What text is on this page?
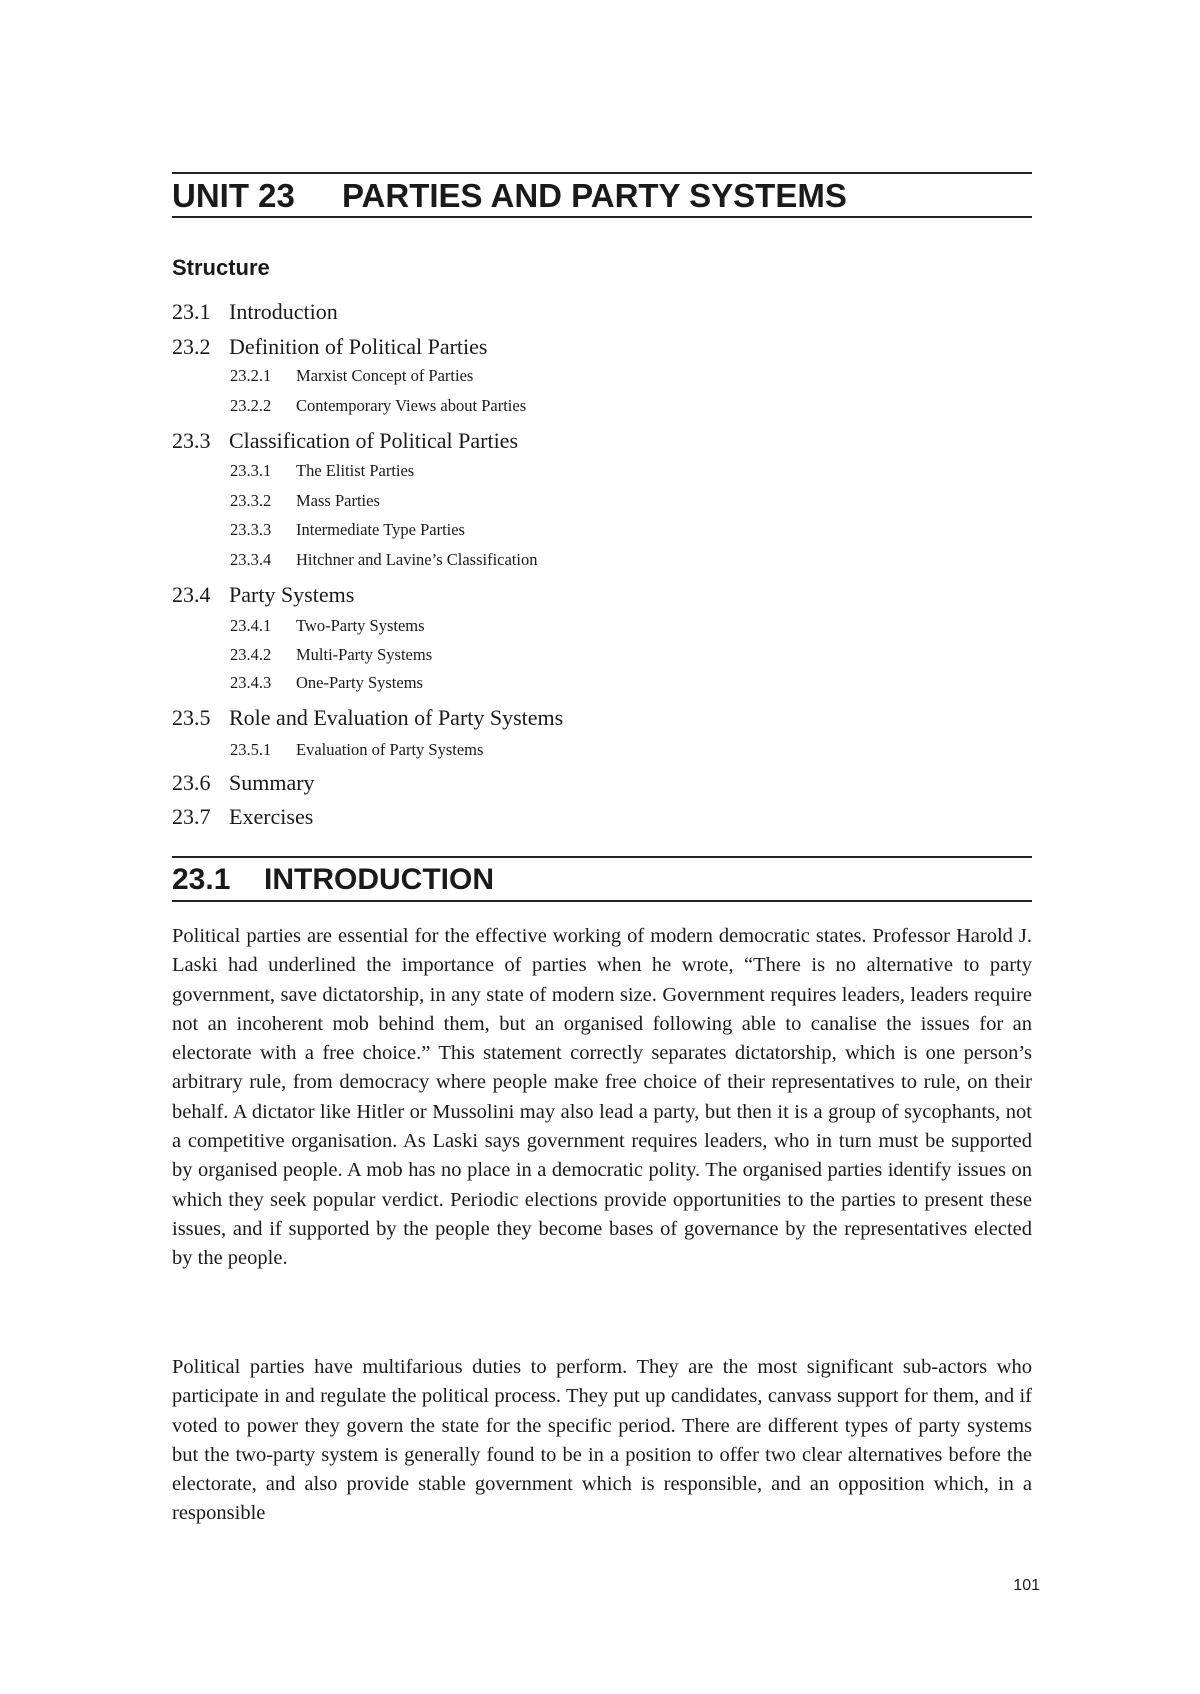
UNIT 23 PARTIES AND PARTY SYSTEMS
Structure
23.1 Introduction
23.2 Definition of Political Parties
23.2.1 Marxist Concept of Parties
23.2.2 Contemporary Views about Parties
23.3 Classification of Political Parties
23.3.1 The Elitist Parties
23.3.2 Mass Parties
23.3.3 Intermediate Type Parties
23.3.4 Hitchner and Lavine’s Classification
23.4 Party Systems
23.4.1 Two-Party Systems
23.4.2 Multi-Party Systems
23.4.3 One-Party Systems
23.5 Role and Evaluation of Party Systems
23.5.1 Evaluation of Party Systems
23.6 Summary
23.7 Exercises
23.1 INTRODUCTION

Political parties are essential for the effective working of modern democratic states. Professor Harold J. Laski had underlined the importance of parties when he wrote, “There is no alternative to party government, save dictatorship, in any state of modern size. Government requires leaders, leaders require not an incoherent mob behind them, but an organised following able to canalise the issues for an electorate with a free choice.” This statement correctly separates dictatorship, which is one person’s arbitrary rule, from democracy where people make free choice of their representatives to rule, on their behalf. A dictator like Hitler or Mussolini may also lead a party, but then it is a group of sycophants, not a competitive organisation. As Laski says government requires leaders, who in turn must be supported by organised people. A mob has no place in a democratic polity. The organised parties identify issues on which they seek popular verdict. Periodic elections provide opportunities to the parties to present these issues, and if supported by the people they become bases of governance by the representatives elected by the people.

Political parties have multifarious duties to perform. They are the most significant sub-actors who participate in and regulate the political process. They put up candidates, canvass support for them, and if voted to power they govern the state for the specific period. There are different types of party systems but the two-party system is generally found to be in a position to offer two clear alternatives before the electorate, and also provide stable government which is responsible, and an opposition which, in a responsible

101
